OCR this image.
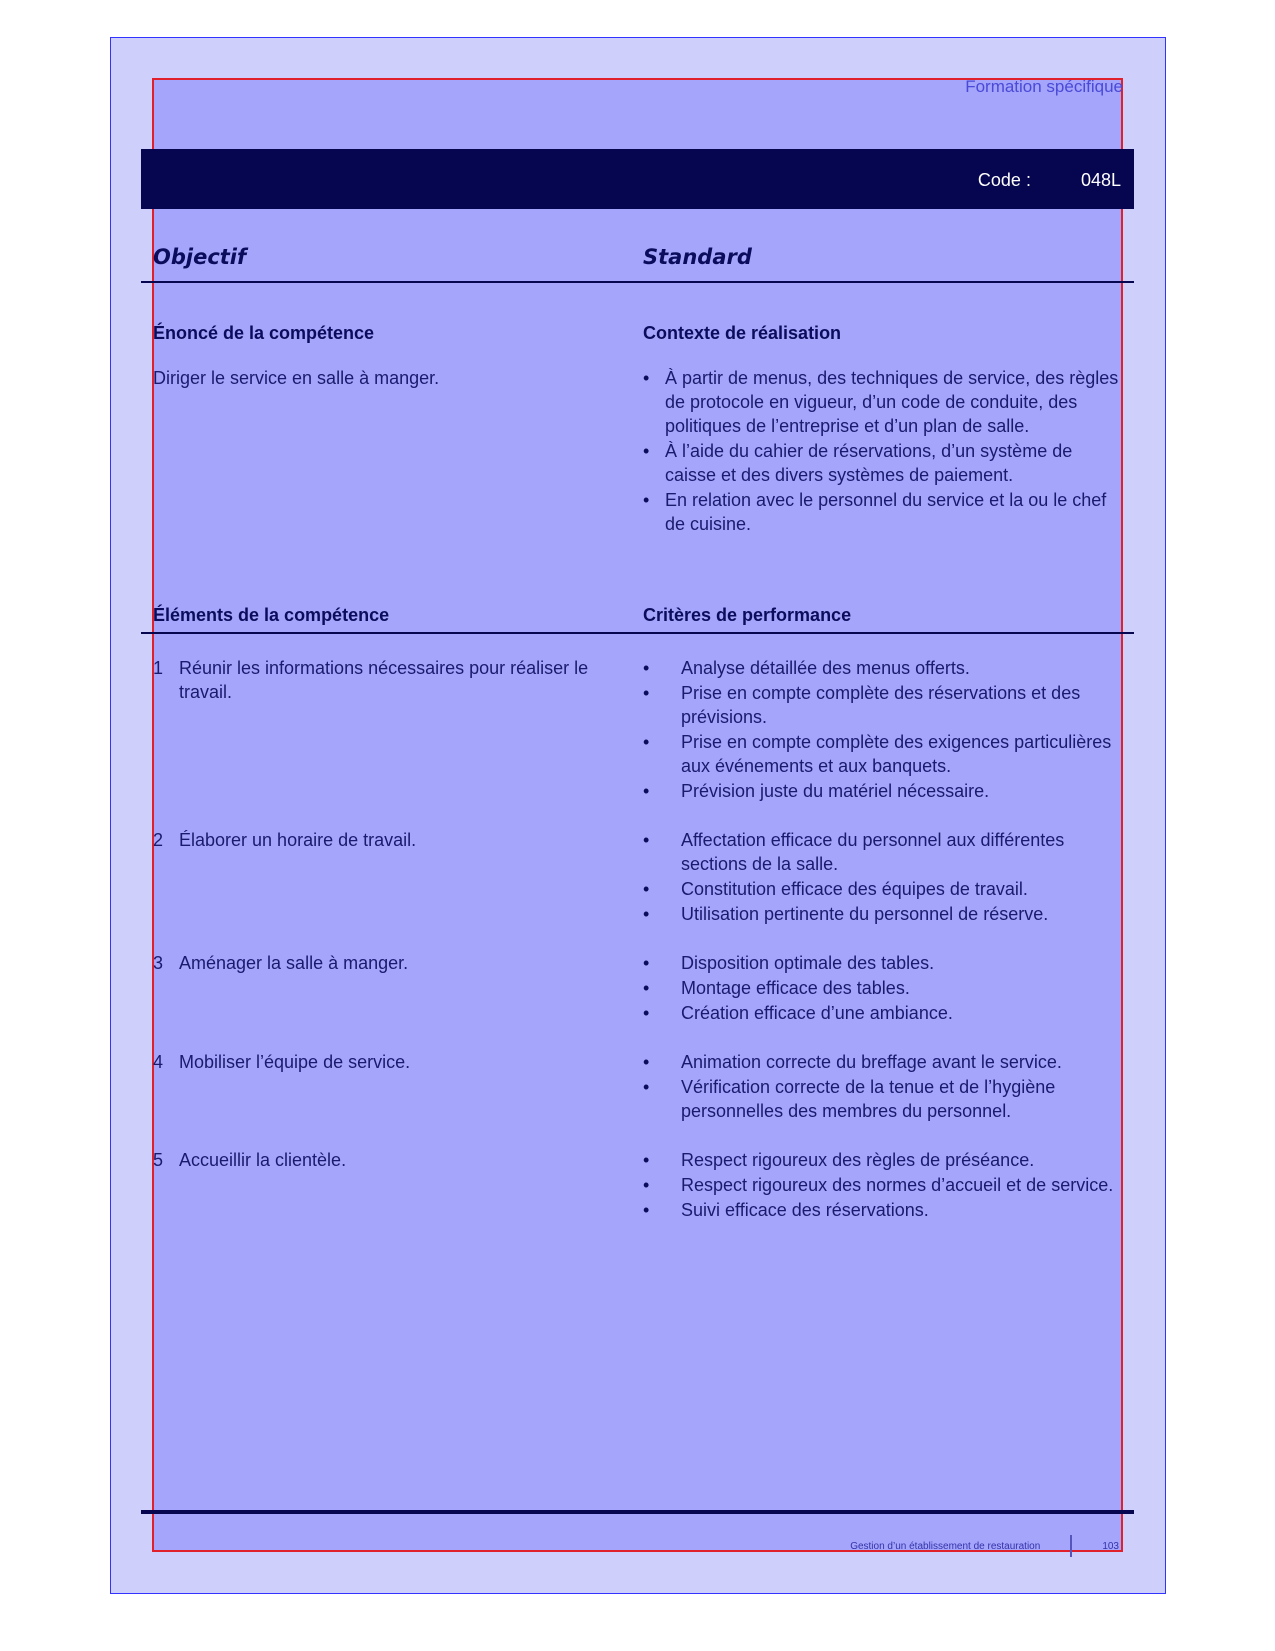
Formation spécifique
Code :	048L
Objectif	Standard
Énoncé de la compétence	Contexte de réalisation
Diriger le service en salle à manger.	• À partir de menus, des techniques de service, des règles de protocole en vigueur, d’un code de conduite, des politiques de l’entreprise et d’un plan de salle.
• À l’aide du cahier de réservations, d’un système de caisse et des divers systèmes de paiement.
• En relation avec le personnel du service et la ou le chef de cuisine.
Éléments de la compétence	Critères de performance
1 Réunir les informations nécessaires pour réaliser le travail.
• Analyse détaillée des menus offerts.
• Prise en compte complète des réservations et des prévisions.
• Prise en compte complète des exigences particulières aux événements et aux banquets.
• Prévision juste du matériel nécessaire.
2 Élaborer un horaire de travail.	• Affectation efficace du personnel aux différentes sections de la salle.
• Constitution efficace des équipes de travail.
• Utilisation pertinente du personnel de réserve.
3 Aménager la salle à manger.	• Disposition optimale des tables.
• Montage efficace des tables.
• Création efficace d’une ambiance.
4 Mobiliser l’équipe de service.	• Animation correcte du breffage avant le service.
• Vérification correcte de la tenue et de l’hygiène personnelles des membres du personnel.
5 Accueillir la clientèle.	• Respect rigoureux des règles de préséance.
• Respect rigoureux des normes d’accueil et de service.
• Suivi efficace des réservations.
Gestion d’un établissement de restauration	103
